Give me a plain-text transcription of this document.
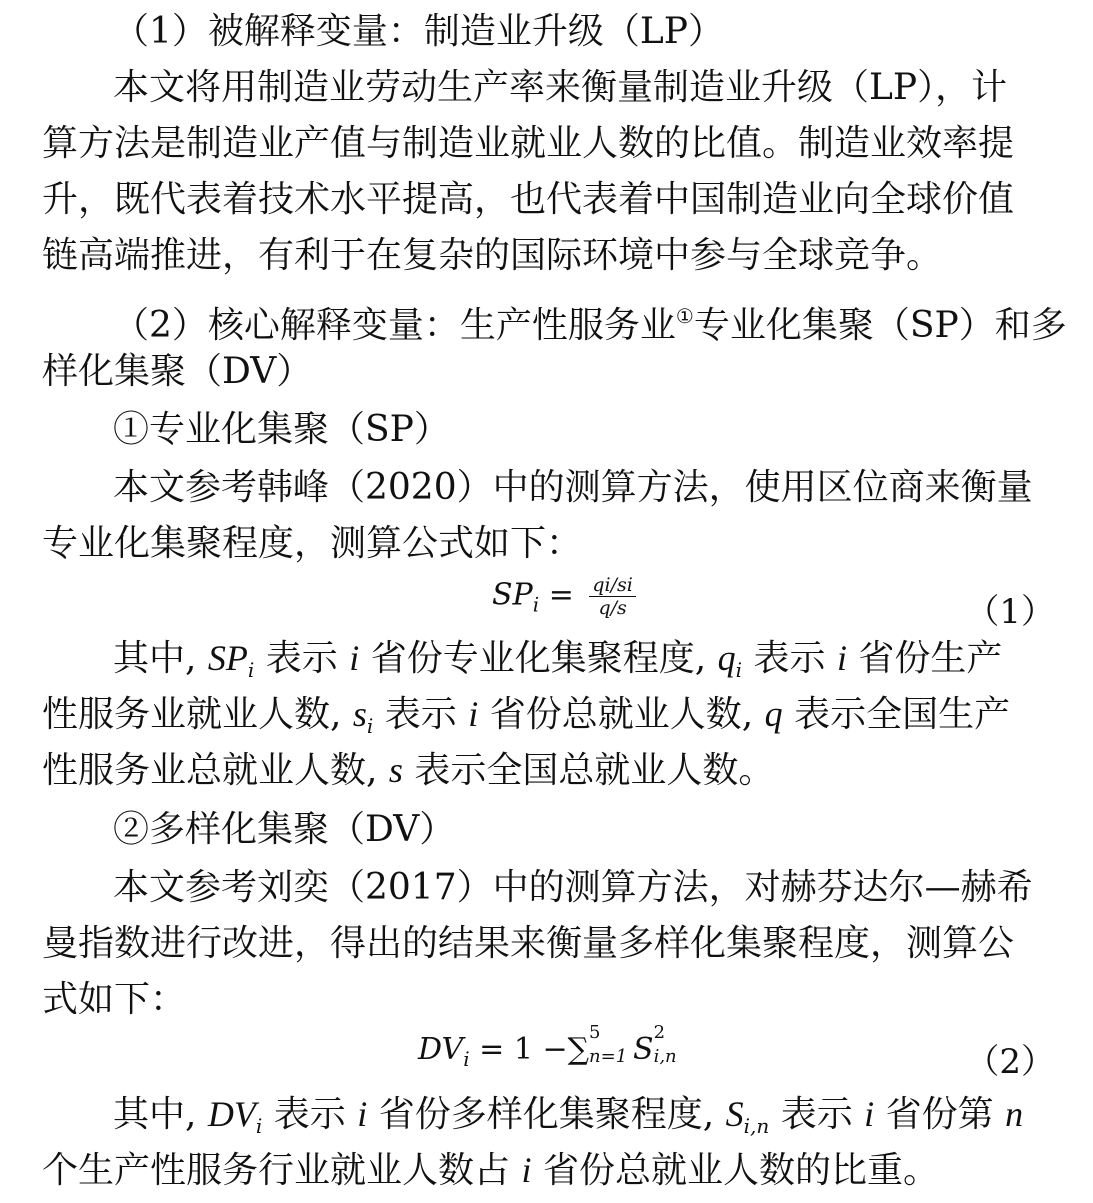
（1）被解释变量：制造业升级（LP）
本文将用制造业劳动生产率来衡量制造业升级（LP），计
算方法是制造业产值与制造业就业人数的比值。制造业效率提
升，既代表着技术水平提高，也代表着中国制造业向全球价值
链高端推进，有利于在复杂的国际环境中参与全球竞争。
（2）核心解释变量：生产性服务业①专业化集聚（SP）和多
样化集聚（DV）
①专业化集聚（SP）
本文参考韩峰（2020）中的测算方法，使用区位商来衡量
专业化集聚程度，测算公式如下：
$SP_i = \frac{qi/si}{q/s}$	（1）
其中, $SP_i$ 表示 i 省份专业化集聚程度, $q_i$ 表示 i 省份生产
性服务业就业人数, $s_i$ 表示 i 省份总就业人数, q 表示全国生产
性服务业总就业人数, s 表示全国总就业人数。
②多样化集聚（DV）
本文参考刘奕（2017）中的测算方法，对赫芬达尔—赫希
曼指数进行改进，得出的结果来衡量多样化集聚程度，测算公
式如下：
$DV_i = 1$ −∑ 5
n=1 S 2
i,n	（2）
其中, $DV_i$ 表示 i 省份多样化集聚程度, $S_{i,n}$ 表示 i 省份第 n
个生产性服务行业就业人数占 i 省份总就业人数的比重。
